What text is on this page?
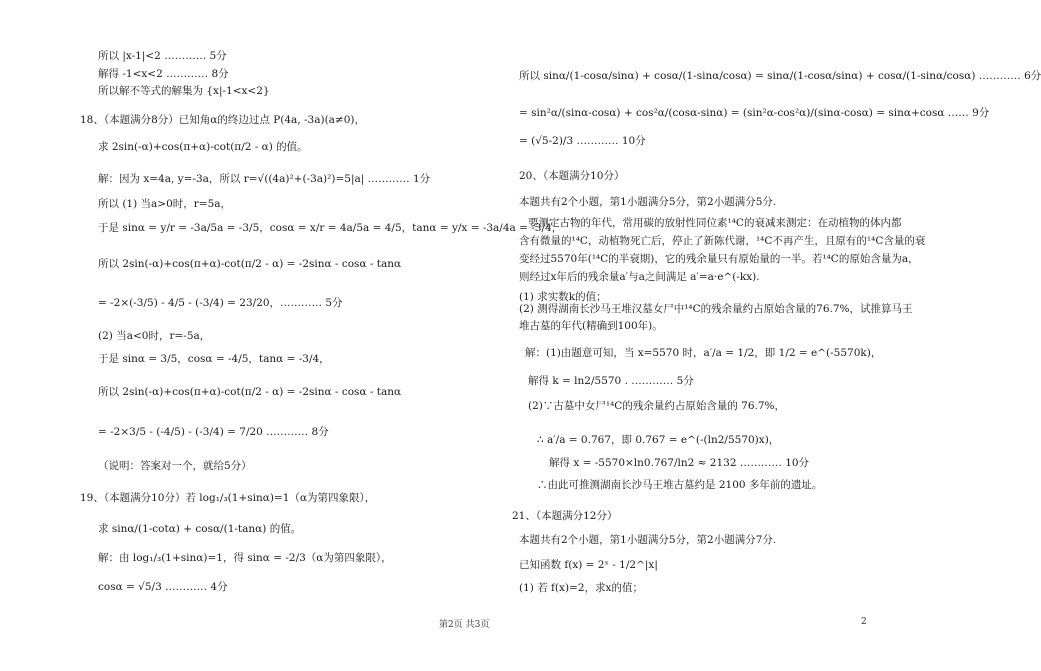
所以 |x-1|<2 ………… 5分
解得 -1<x<2 ………… 8分
所以解不等式的解集为 {x|-1<x<2}
18、（本题满分8分）已知角α的终边过点 P(4a, -3a)(a≠0)，
求 2sin(-α)+cos(π+α)-cot(π/2 - α) 的值。
解：因为 x=4a, y=-3a，所以 r=√((4a)²+(-3a)²)=5|a| ………… 1分
所以 (1) 当a>0时，r=5a，
于是 sinα = y/r = -3a/5a = -3/5，cosα = x/r = 4a/5a = 4/5，tanα = y/x = -3a/4a = -3/4，
所以 2sin(-α)+cos(π+α)-cot(π/2 - α) = -2sinα - cosα - tanα
= -2×(-3/5) - 4/5 - (-3/4) = 23/20，………… 5分
(2) 当a<0时，r=-5a，
于是 sinα = 3/5，cosα = -4/5，tanα = -3/4，
所以 2sin(-α)+cos(π+α)-cot(π/2 - α) = -2sinα - cosα - tanα
= -2×3/5 - (-4/5) - (-3/4) = 7/20 ………… 8分
（说明：答案对一个，就给5分）
19、（本题满分10分）若 log₁/₃(1+sinα)=1（α为第四象限），
求 sinα/(1-cotα) + cosα/(1-tanα) 的值。
解：由 log₁/₃(1+sinα)=1，得 sinα = -2/3（α为第四象限），
cosα = √5/3 ………… 4分
所以 sinα/(1-cosα/sinα) + cosα/(1-sinα/cosα) = sinα/(1-cosα/sinα) + cosα/(1-sinα/cosα) ………… 6分
= sin²α/(sinα-cosα) + cos²α/(cosα-sinα) = (sin²α-cos²α)/(sinα-cosα) = sinα+cosα …… 9分
= (√5-2)/3 ………… 10分
20、（本题满分10分）
本题共有2个小题，第1小题满分5分，第2小题满分5分.
要测定古物的年代，常用碳的放射性同位素¹⁴C的衰减来测定：在动植物的体内都
含有微量的¹⁴C，动植物死亡后，停止了新陈代谢，¹⁴C不再产生，且原有的¹⁴C含量的衰
变经过5570年(¹⁴C的半衰期)，它的残余量只有原始量的一半。若¹⁴C的原始含量为a，
则经过x年后的残余量a′与a之间满足 a′=a·e^(-kx).
(1) 求实数k的值；
(2) 测得湖南长沙马王堆汉墓女尸中¹⁴C的残余量约占原始含量的76.7%，试推算马王
堆古墓的年代(精确到100年)。
解：(1)由题意可知，当 x=5570 时，a′/a = 1/2，即 1/2 = e^(-5570k)，
解得 k = ln2/5570 . ………… 5分
(2)∵古墓中女尸¹⁴C的残余量约占原始含量的 76.7%，
∴ a′/a = 0.767，即 0.767 = e^(-(ln2/5570)x)，
解得 x = -5570×ln0.767/ln2 ≈ 2132 ………… 10分
∴由此可推测湖南长沙马王堆古墓约是 2100 多年前的遗址。
21、（本题满分12分）
本题共有2个小题，第1小题满分5分，第2小题满分7分.
已知函数 f(x) = 2ˣ - 1/2^|x|
(1) 若 f(x)=2，求x的值；
第2页 共3页	2
